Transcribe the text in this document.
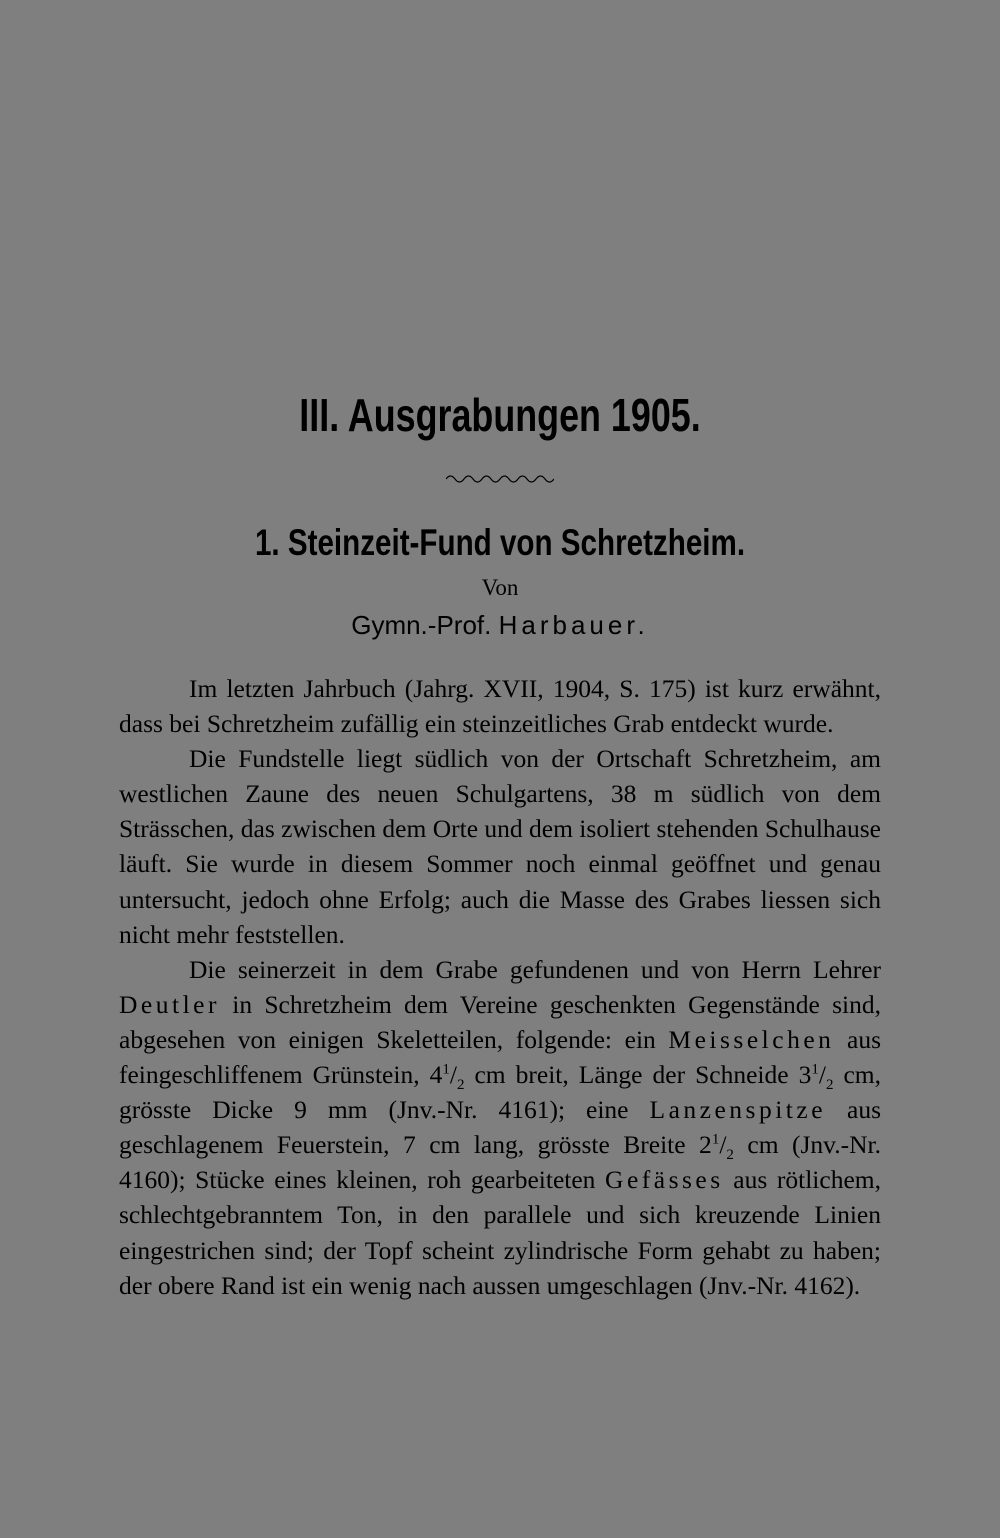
III. Ausgrabungen 1905.
1. Steinzeit-Fund von Schretzheim.
Von
Gymn.-Prof. Harbauer.

Im letzten Jahrbuch (Jahrg. XVII, 1904, S. 175) ist kurz erwähnt, dass bei Schretzheim zufällig ein steinzeitliches Grab entdeckt wurde.

Die Fundstelle liegt südlich von der Ortschaft Schretzheim, am westlichen Zaune des neuen Schulgartens, 38 m südlich von dem Strässchen, das zwischen dem Orte und dem isoliert stehenden Schulhause läuft. Sie wurde in diesem Sommer noch einmal geöffnet und genau untersucht, jedoch ohne Erfolg; auch die Masse des Grabes liessen sich nicht mehr feststellen.

Die seinerzeit in dem Grabe gefundenen und von Herrn Lehrer Deutler in Schretzheim dem Vereine geschenkten Gegenstände sind, abgesehen von einigen Skeletteilen, folgende: ein Meisselchen aus feingeschliffenem Grünstein, $4^1/_2$ cm breit, Länge der Schneide $3^1/_2$ cm, grösste Dicke 9 mm (Jnv.-Nr. 4161); eine Lanzenspitze aus geschlagenem Feuerstein, 7 cm lang, grösste Breite $2^1/_2$ cm (Jnv.-Nr. 4160); Stücke eines kleinen, roh gearbeiteten Gefässes aus rötlichem, schlechtgebranntem Ton, in den parallele und sich kreuzende Linien eingestrichen sind; der Topf scheint zylindrische Form gehabt zu haben; der obere Rand ist ein wenig nach aussen umgeschlagen (Jnv.-Nr. 4162).
